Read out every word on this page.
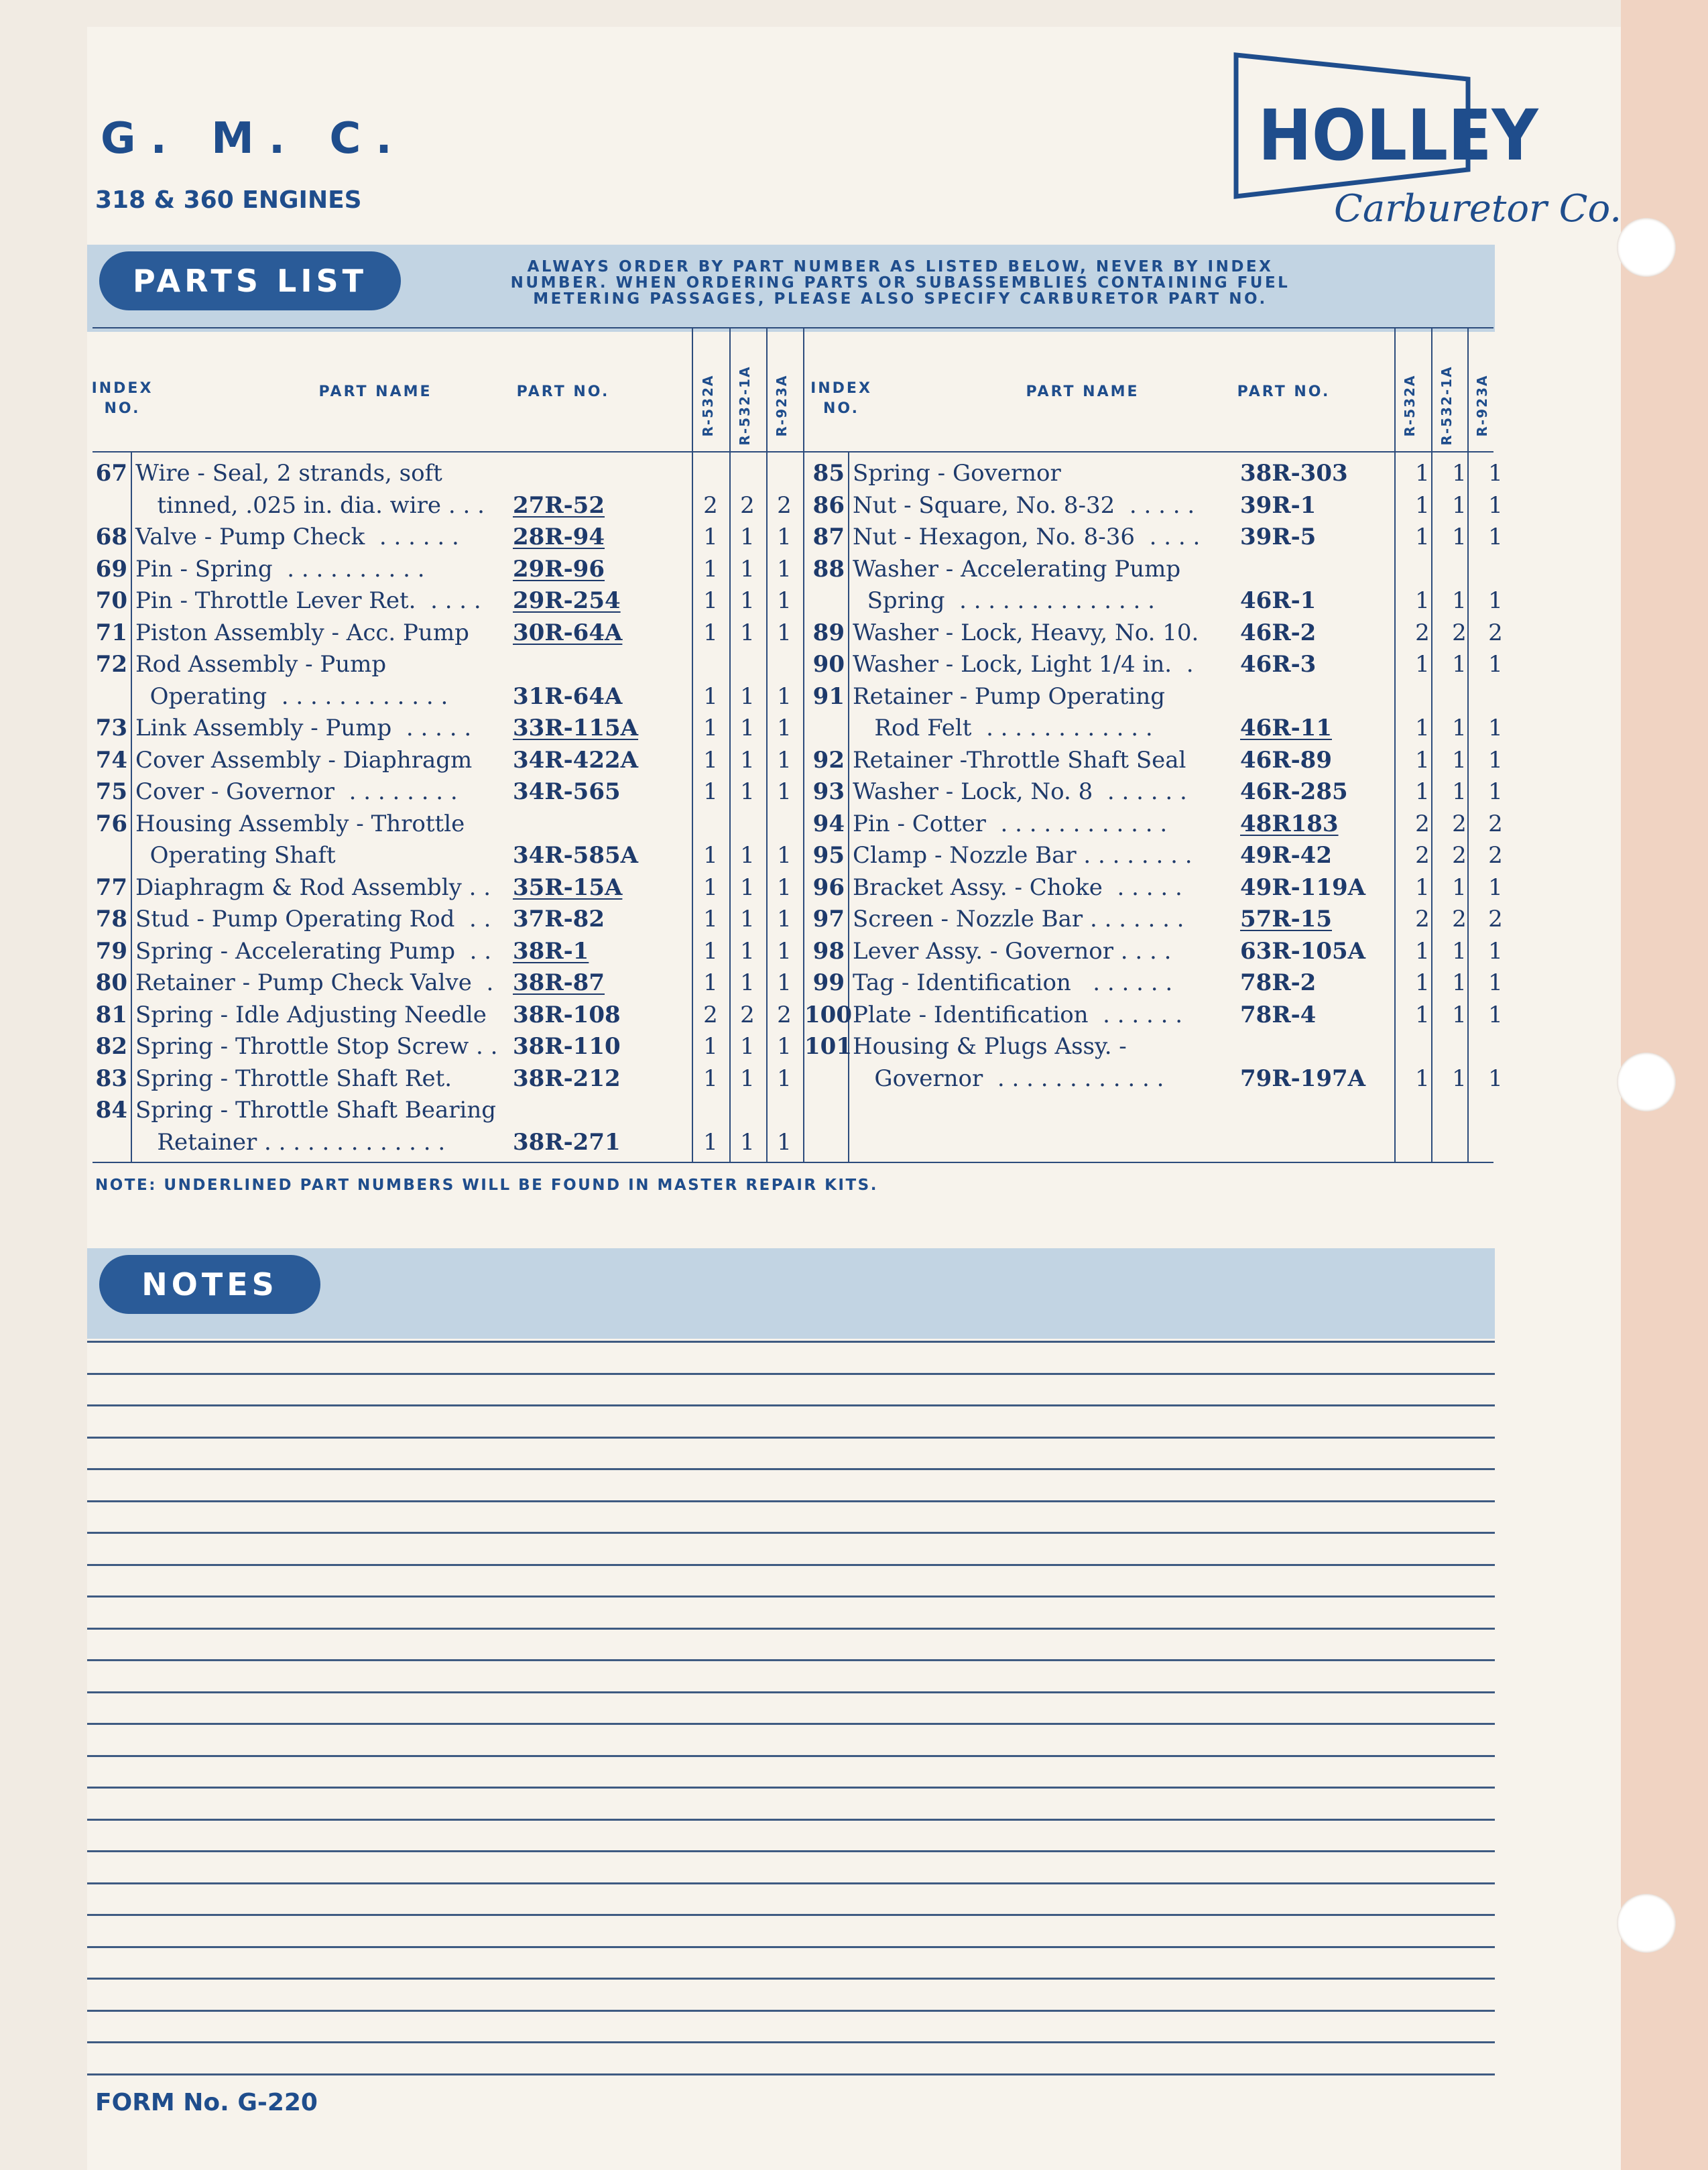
G. M. C.
318 & 360 ENGINES
HOLLEY
Carburetor Co.
PARTS LIST	ALWAYS ORDER BY PART NUMBER AS LISTED BELOW, NEVER BY INDEX
NUMBER. WHEN ORDERING PARTS OR SUBASSEMBLIES CONTAINING FUEL
METERING PASSAGES, PLEASE ALSO SPECIFY CARBURETOR PART NO.
INDEX
NO.
PART NAME	PART NO.	R-532A R-532-1A R-923A	INDEX
NO.
PART NAME	PART NO.	R-532A R-532-1A R-923A
67 Wire - Seal, 2 strands, soft
tinned, .025 in. dia. wire . . . 27R-52	2 2 2
68 Valve - Pump Check  . . . . . . 28R-94	1 1 1
69 Pin - Spring  . . . . . . . . . .	29R-96	1 1 1
70 Pin - Throttle Lever Ret.  . . . . 29R-254	1 1 1
71 Piston Assembly - Acc. Pump 30R-64A	1 1 1
72 Rod Assembly - Pump
Operating  . . . . . . . . . . . .	31R-64A	1 1 1
73 Link Assembly - Pump  . . . . . 33R-115A	1 1 1
74 Cover Assembly - Diaphragm 34R-422A	1 1 1
75 Cover - Governor  . . . . . . . . 34R-565	1 1 1
76 Housing Assembly - Throttle
Operating Shaft	34R-585A	1 1 1
77 Diaphragm & Rod Assembly . . 35R-15A	1 1 1
78 Stud - Pump Operating Rod  . . 37R-82	1 1 1
79 Spring - Accelerating Pump  . . 38R-1	1 1 1
80 Retainer - Pump Check Valve  . 38R-87	1 1 1
81 Spring - Idle Adjusting Needle 38R-108	2 2 2
82 Spring - Throttle Stop Screw . . 38R-110	1 1 1
83 Spring - Throttle Shaft Ret.	38R-212	1 1 1
84 Spring - Throttle Shaft Bearing
Retainer . . . . . . . . . . . . .	38R-271	1 1 1
85 Spring - Governor	38R-303	1 1 1
86 Nut - Square, No. 8-32  . . . . . 39R-1	1 1 1
87 Nut - Hexagon, No. 8-36  . . . . 39R-5	1 1 1
88 Washer - Accelerating Pump
Spring  . . . . . . . . . . . . . .	46R-1	1 1 1
89 Washer - Lock, Heavy, No. 10. 46R-2	2 2 2
90 Washer - Lock, Light 1/4 in.  . 46R-3	1 1 1
91 Retainer - Pump Operating
Rod Felt  . . . . . . . . . . . .	46R-11	1 1 1
92 Retainer -Throttle Shaft Seal 46R-89	1 1 1
93 Washer - Lock, No. 8  . . . . . . 46R-285	1 1 1
94 Pin - Cotter  . . . . . . . . . . . .	48R183	2 2 2
95 Clamp - Nozzle Bar . . . . . . . . 49R-42	2 2 2
96 Bracket Assy. - Choke  . . . . .	49R-119A 1 1 1
97 Screen - Nozzle Bar . . . . . . . 57R-15	2 2 2
98 Lever Assy. - Governor . . . .	63R-105A 1 1 1
99 Tag - Identification   . . . . . .	78R-2	1 1 1
100 Plate - Identification  . . . . . .	78R-4	1 1 1
101 Housing & Plugs Assy. -
Governor  . . . . . . . . . . . .	79R-197A 1 1 1
NOTE: UNDERLINED PART NUMBERS WILL BE FOUND IN MASTER REPAIR KITS.
NOTES
FORM No. G-220
